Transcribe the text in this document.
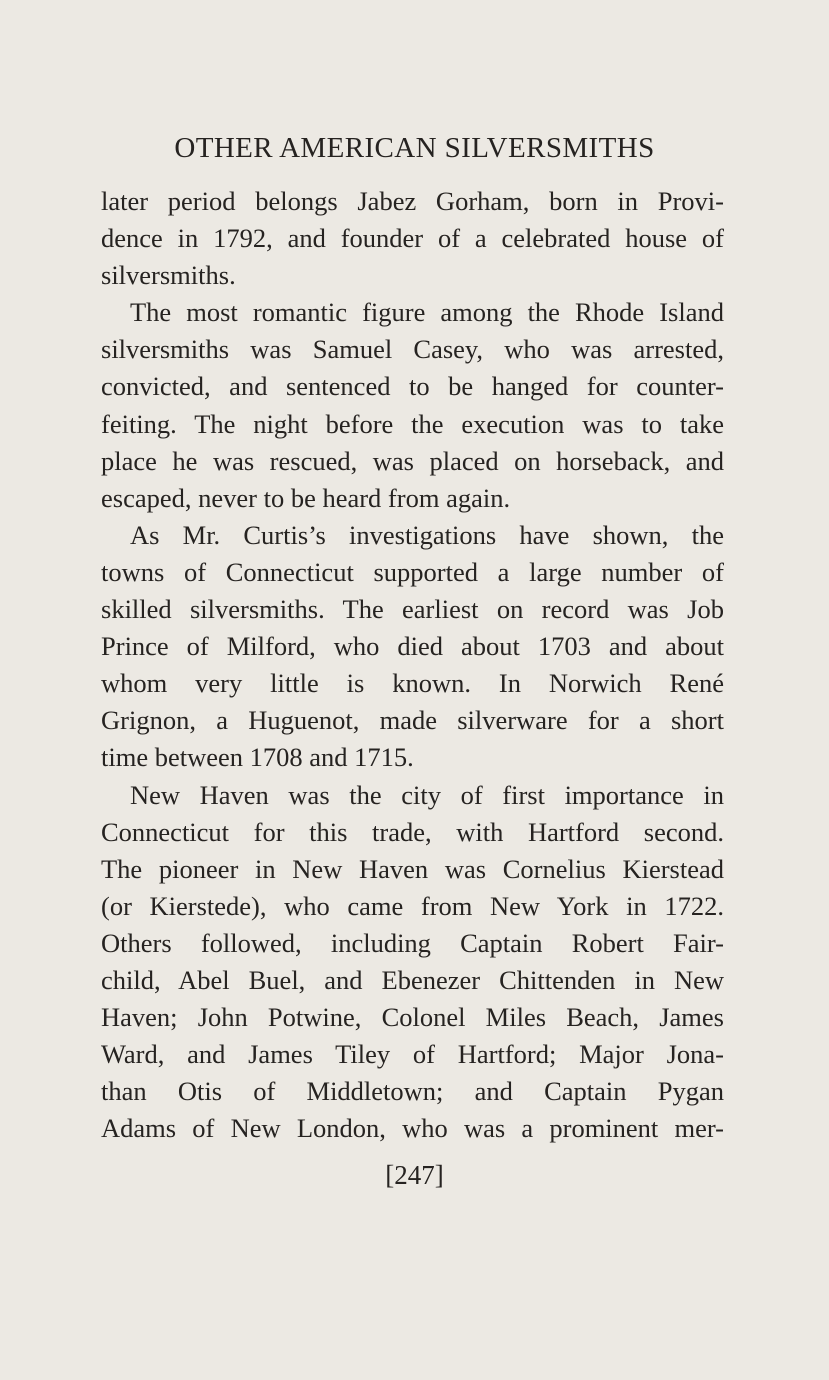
OTHER AMERICAN SILVERSMITHS
later period belongs Jabez Gorham, born in Provi-
dence in 1792, and founder of a celebrated house of
silversmiths.
The most romantic figure among the Rhode Island
silversmiths was Samuel Casey, who was arrested,
convicted, and sentenced to be hanged for counter-
feiting. The night before the execution was to take
place he was rescued, was placed on horseback, and
escaped, never to be heard from again.
As Mr. Curtis’s investigations have shown, the
towns of Connecticut supported a large number of
skilled silversmiths. The earliest on record was Job
Prince of Milford, who died about 1703 and about
whom very little is known. In Norwich René
Grignon, a Huguenot, made silverware for a short
time between 1708 and 1715.
New Haven was the city of first importance in
Connecticut for this trade, with Hartford second.
The pioneer in New Haven was Cornelius Kierstead
(or Kierstede), who came from New York in 1722.
Others followed, including Captain Robert Fair-
child, Abel Buel, and Ebenezer Chittenden in New
Haven; John Potwine, Colonel Miles Beach, James
Ward, and James Tiley of Hartford; Major Jona-
than Otis of Middletown; and Captain Pygan
Adams of New London, who was a prominent mer-
[247]
